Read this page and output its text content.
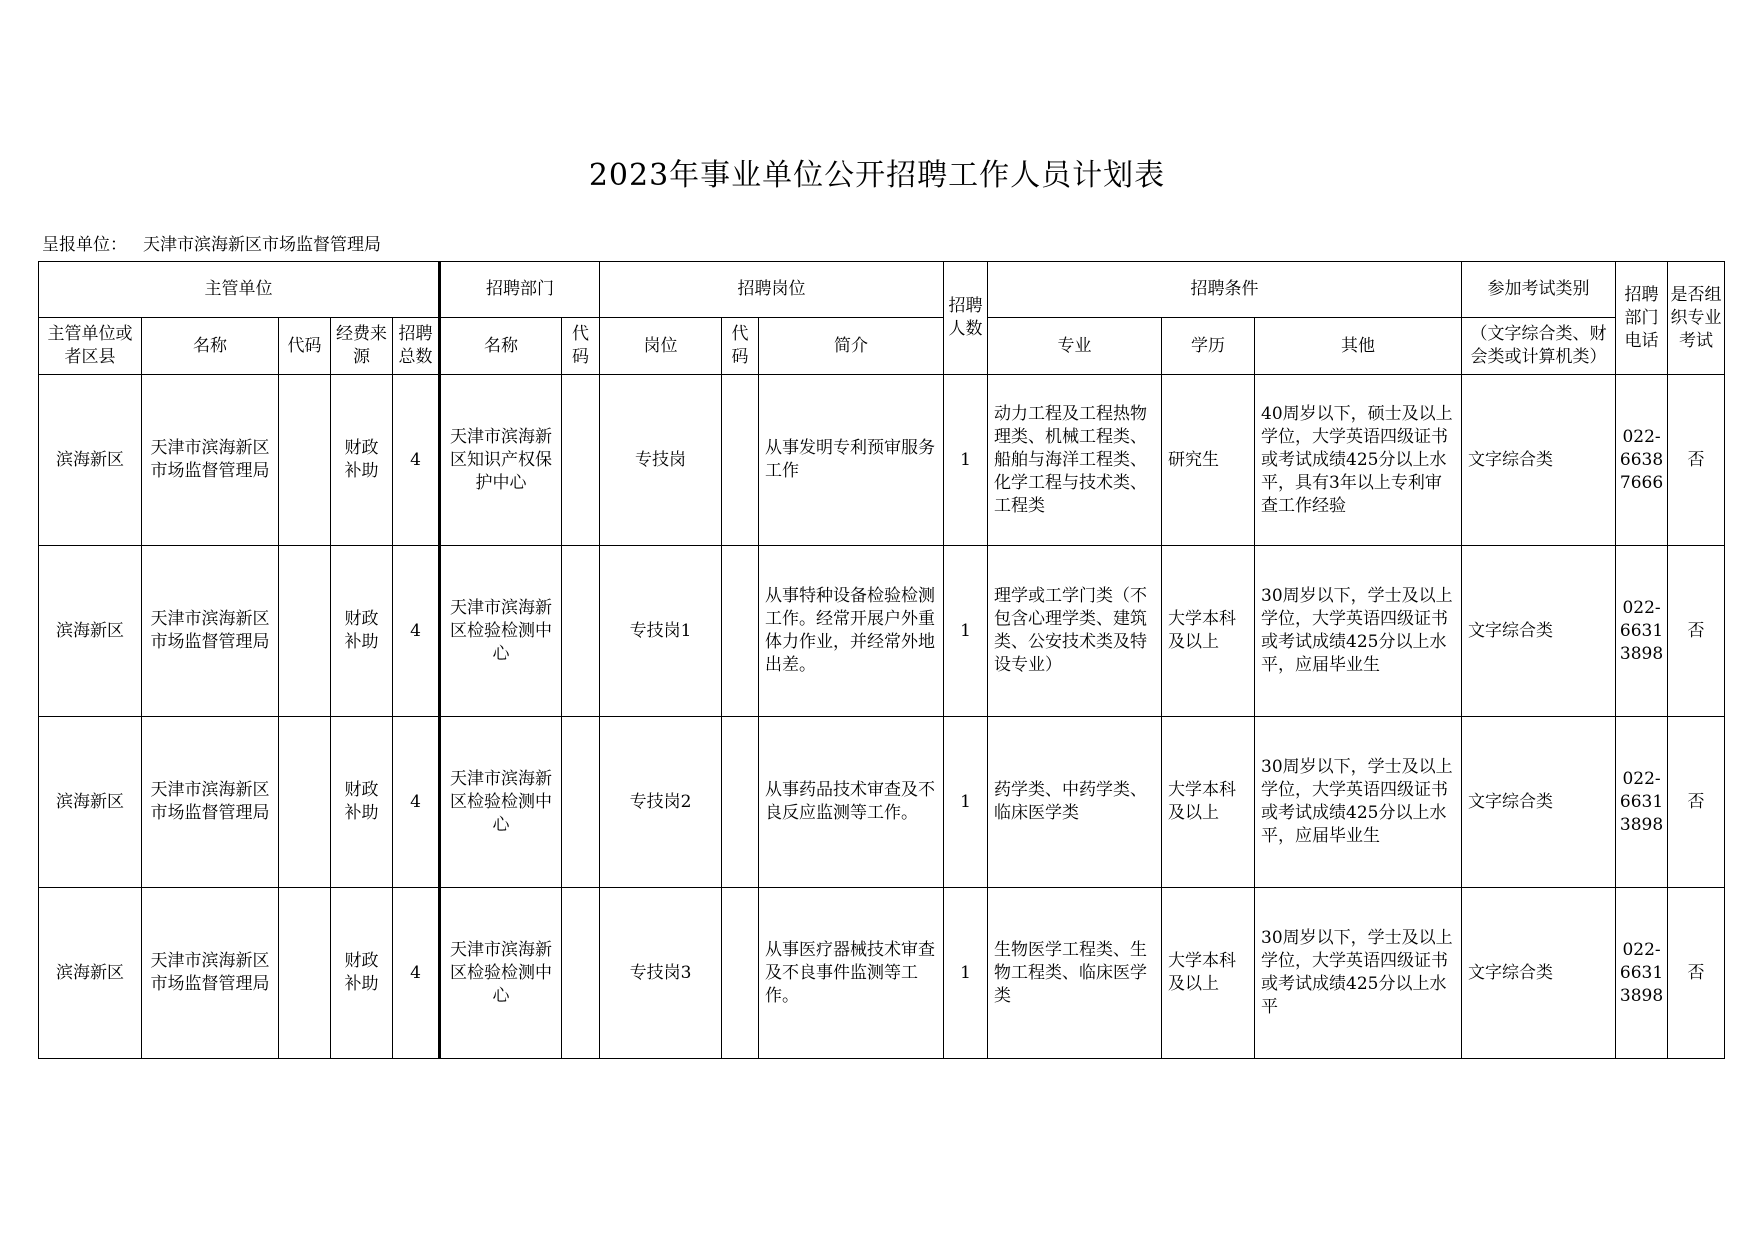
2023年事业单位公开招聘工作人员计划表
呈报单位： 天津市滨海新区市场监督管理局
主管单位					招聘部门		招聘岗位			招聘人数	招聘条件			参加考试类别	招聘部门电话	是否组织专业考试
主管单位或者区县	名称	代码	经费来源	招聘总数	名称	代码	岗位	代码	简介		专业	学历	其他	（文字综合类、财会类或计算机类）		

滨海新区	天津市滨海新区市场监督管理局		财政补助	4	天津市滨海新区知识产权保护中心		专技岗		从事发明专利预审服务工作	1	动力工程及工程热物理类、机械工程类、船舶与海洋工程类、化学工程与技术类、工程类	研究生	40周岁以下，硕士及以上学位，大学英语四级证书或考试成绩425分以上水平，具有3年以上专利审查工作经验	文字综合类	022-66387666	否
滨海新区	天津市滨海新区市场监督管理局		财政补助	4	天津市滨海新区检验检测中心		专技岗1		从事特种设备检验检测工作。经常开展户外重体力作业，并经常外地出差。	1	理学或工学门类（不包含心理学类、建筑类、公安技术类及特设专业）	大学本科及以上	30周岁以下，学士及以上学位，大学英语四级证书或考试成绩425分以上水平，应届毕业生	文字综合类	022-66313898	否
滨海新区	天津市滨海新区市场监督管理局		财政补助	4	天津市滨海新区检验检测中心		专技岗2		从事药品技术审查及不良反应监测等工作。	1	药学类、中药学类、临床医学类	大学本科及以上	30周岁以下，学士及以上学位，大学英语四级证书或考试成绩425分以上水平，应届毕业生	文字综合类	022-66313898	否
滨海新区	天津市滨海新区市场监督管理局		财政补助	4	天津市滨海新区检验检测中心		专技岗3		从事医疗器械技术审查及不良事件监测等工作。	1	生物医学工程类、生物工程类、临床医学类	大学本科及以上	30周岁以下，学士及以上学位，大学英语四级证书或考试成绩425分以上水平	文字综合类	022-66313898	否
